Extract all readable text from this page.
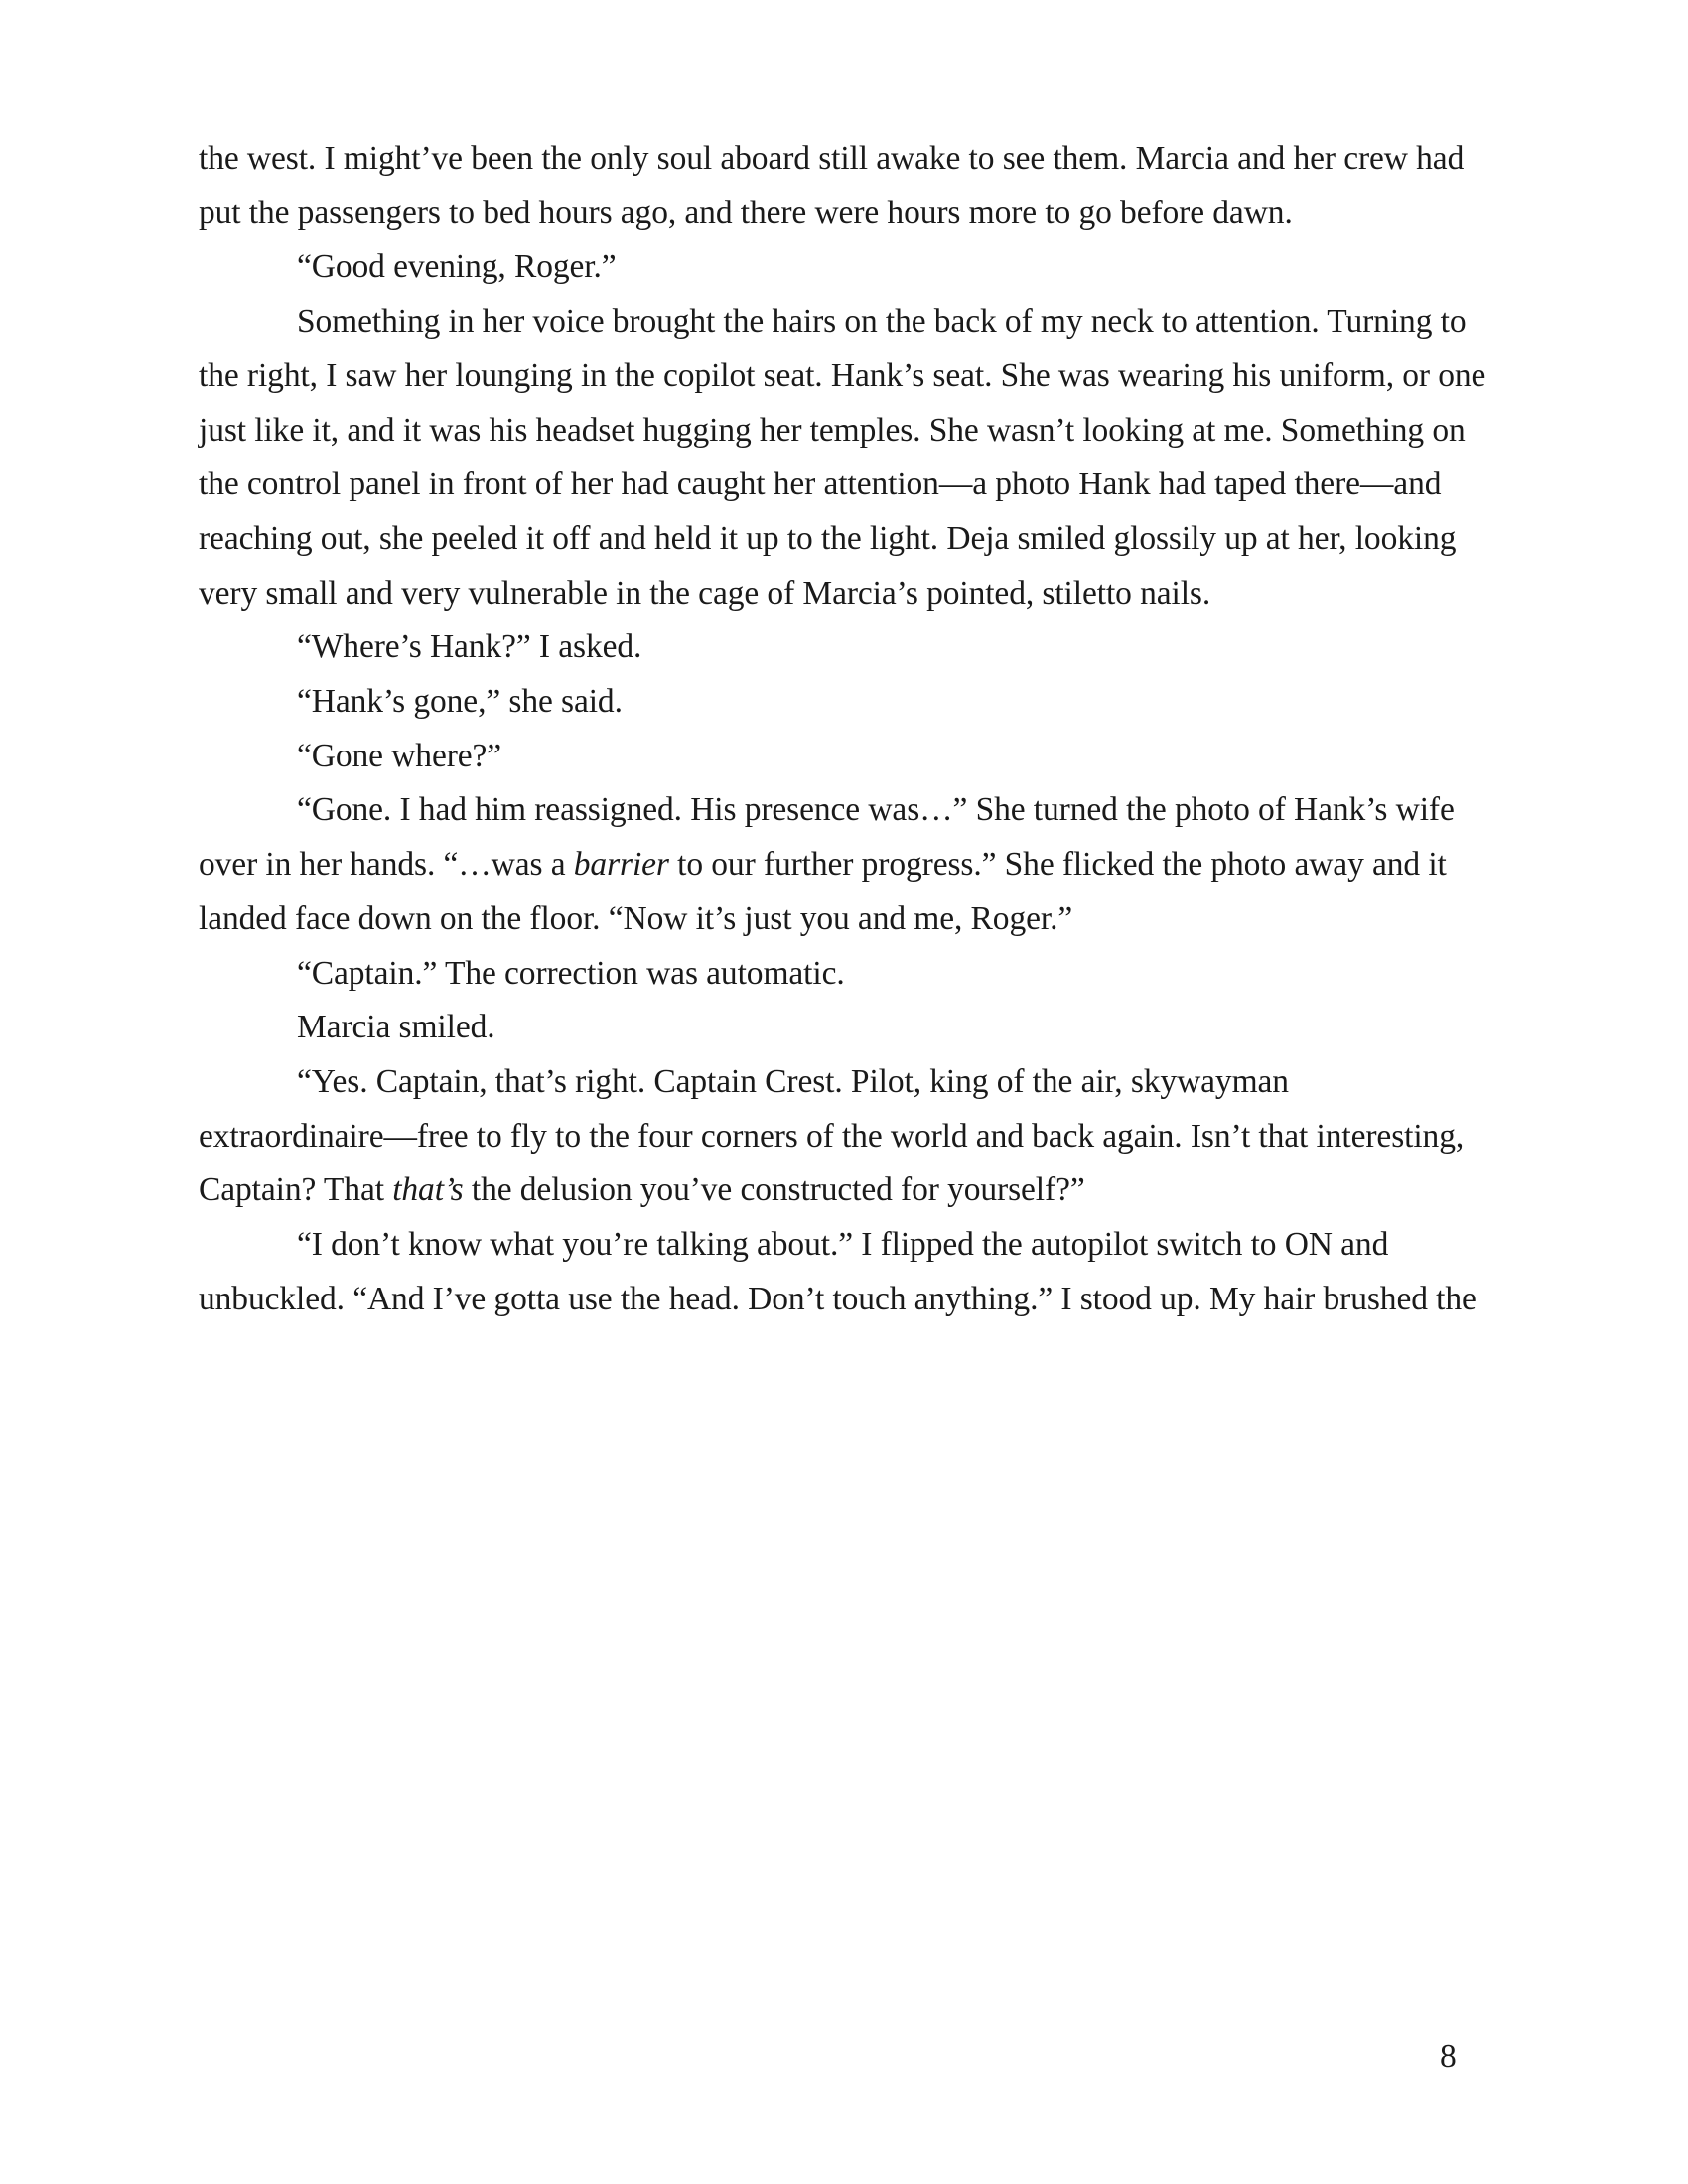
the west. I might’ve been the only soul aboard still awake to see them. Marcia and her crew had
put the passengers to bed hours ago, and there were hours more to go before dawn.
“Good evening, Roger.”
Something in her voice brought the hairs on the back of my neck to attention. Turning to
the right, I saw her lounging in the copilot seat. Hank’s seat. She was wearing his uniform, or one
just like it, and it was his headset hugging her temples. She wasn’t looking at me. Something on
the control panel in front of her had caught her attention—a photo Hank had taped there—and
reaching out, she peeled it off and held it up to the light. Deja smiled glossily up at her, looking
very small and very vulnerable in the cage of Marcia’s pointed, stiletto nails.
“Where’s Hank?” I asked.
“Hank’s gone,” she said.
“Gone where?”
“Gone. I had him reassigned. His presence was…” She turned the photo of Hank’s wife
over in her hands. “…was a barrier to our further progress.” She flicked the photo away and it
landed face down on the floor. “Now it’s just you and me, Roger.”
“Captain.” The correction was automatic.
Marcia smiled.
“Yes. Captain, that’s right. Captain Crest. Pilot, king of the air, skywayman
extraordinaire—free to fly to the four corners of the world and back again. Isn’t that interesting,
Captain? That that’s the delusion you’ve constructed for yourself?”
“I don’t know what you’re talking about.” I flipped the autopilot switch to ON and
unbuckled. “And I’ve gotta use the head. Don’t touch anything.” I stood up. My hair brushed the
8
